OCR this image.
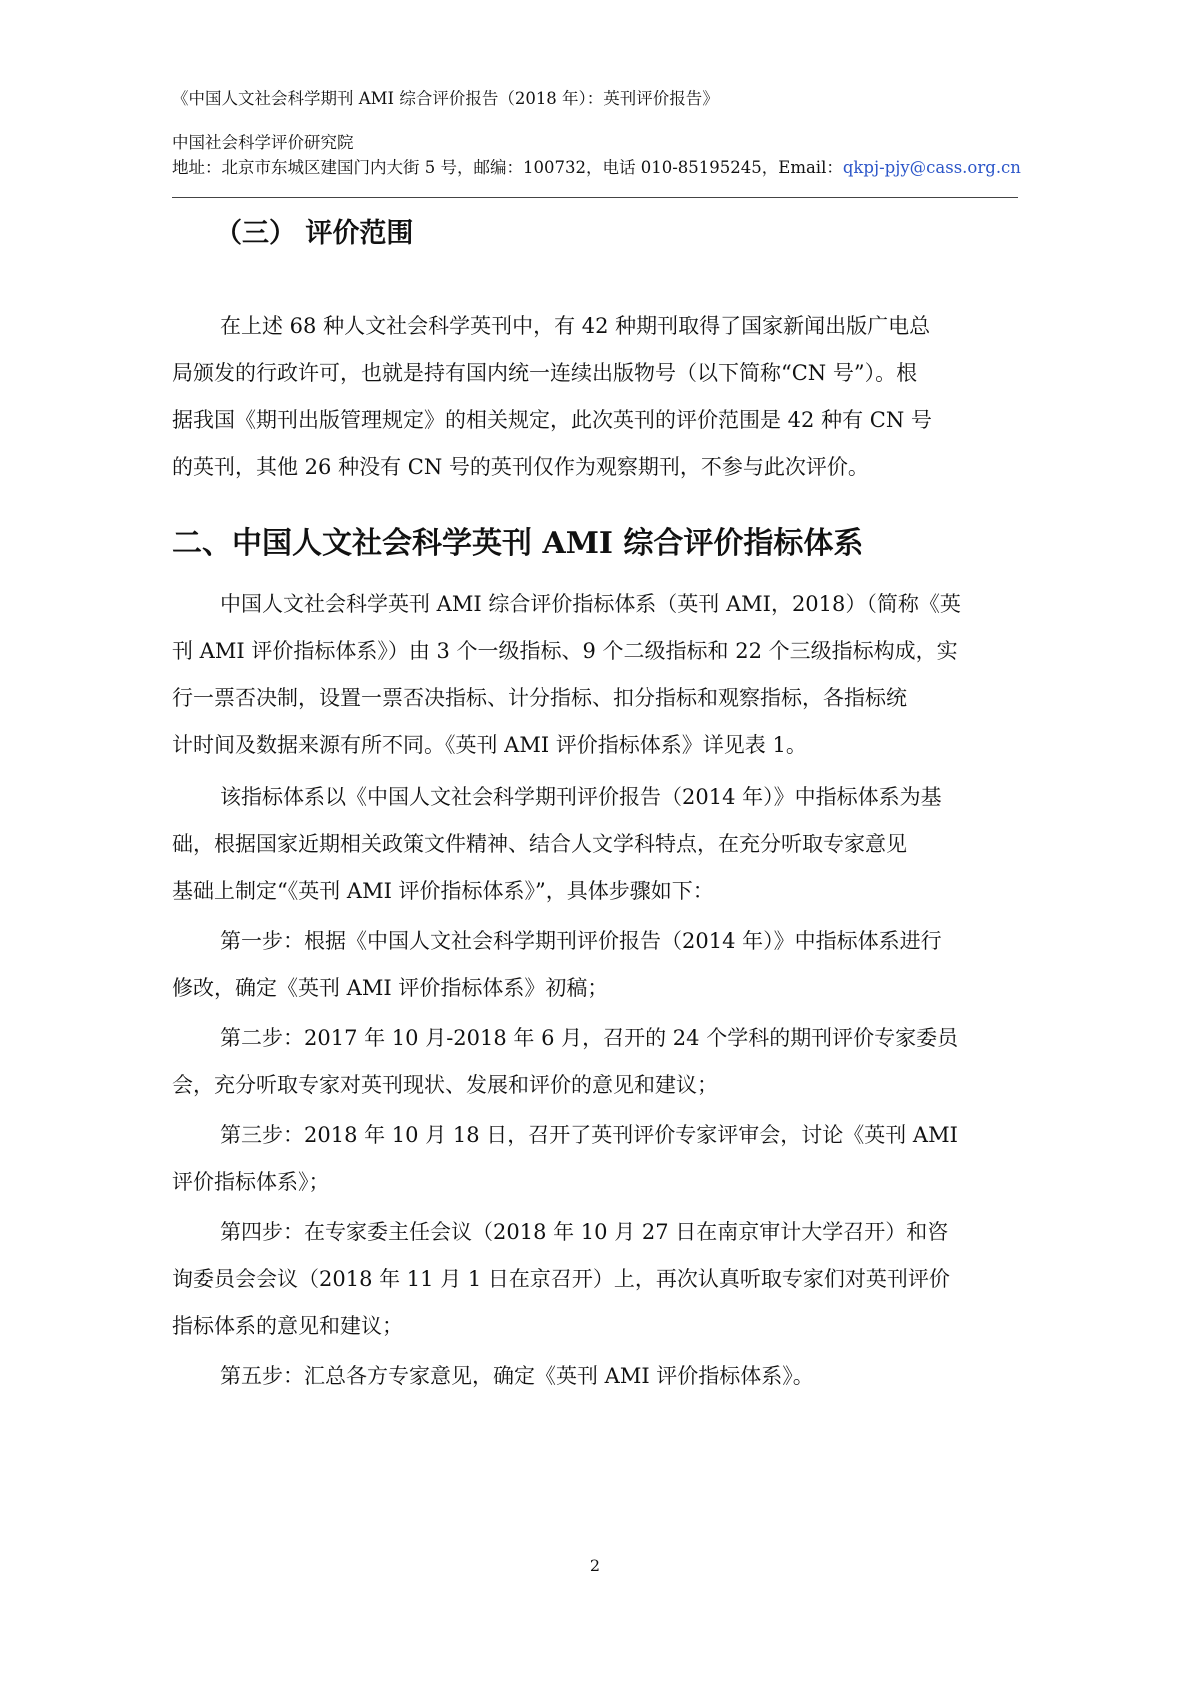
《中国人文社会科学期刊 AMI 综合评价报告（2018 年）：英刊评价报告》
中国社会科学评价研究院
地址：北京市东城区建国门内大街 5 号，邮编：100732，电话 010-85195245，Email：qkpj-pjy@cass.org.cn
（三） 评价范围
在上述 68 种人文社会科学英刊中，有 42 种期刊取得了国家新闻出版广电总
局颁发的行政许可，也就是持有国内统一连续出版物号（以下简称“CN 号”）。根
据我国《期刊出版管理规定》的相关规定，此次英刊的评价范围是 42 种有 CN 号
的英刊，其他 26 种没有 CN 号的英刊仅作为观察期刊，不参与此次评价。
二、中国人文社会科学英刊 AMI 综合评价指标体系
中国人文社会科学英刊 AMI 综合评价指标体系（英刊 AMI，2018）（简称《英
刊 AMI 评价指标体系》）由 3 个一级指标、9 个二级指标和 22 个三级指标构成，实
行一票否决制，设置一票否决指标、计分指标、扣分指标和观察指标，各指标统
计时间及数据来源有所不同。《英刊 AMI 评价指标体系》详见表 1。
该指标体系以《中国人文社会科学期刊评价报告（2014 年）》中指标体系为基
础，根据国家近期相关政策文件精神、结合人文学科特点，在充分听取专家意见
基础上制定“《英刊 AMI 评价指标体系》”，具体步骤如下：
第一步：根据《中国人文社会科学期刊评价报告（2014 年）》中指标体系进行
修改，确定《英刊 AMI 评价指标体系》初稿；
第二步：2017 年 10 月-2018 年 6 月，召开的 24 个学科的期刊评价专家委员
会，充分听取专家对英刊现状、发展和评价的意见和建议；
第三步：2018 年 10 月 18 日，召开了英刊评价专家评审会，讨论《英刊 AMI
评价指标体系》；
第四步：在专家委主任会议（2018 年 10 月 27 日在南京审计大学召开）和咨
询委员会会议（2018 年 11 月 1 日在京召开）上，再次认真听取专家们对英刊评价
指标体系的意见和建议；
第五步：汇总各方专家意见，确定《英刊 AMI 评价指标体系》。
2
